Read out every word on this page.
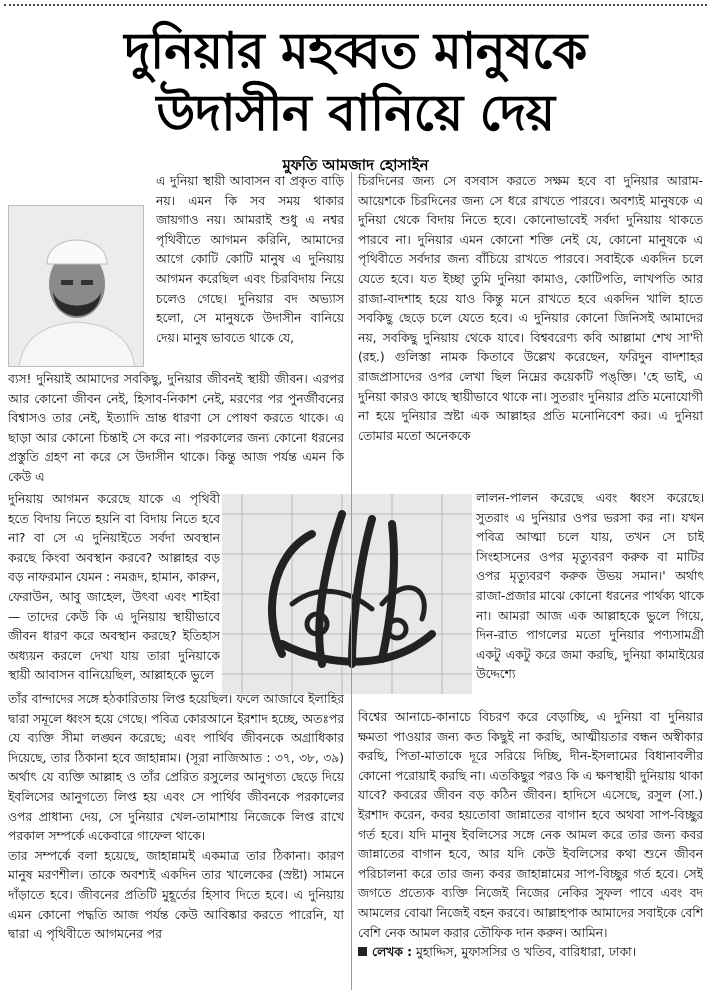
দুনিয়ার মহব্বত মানুষকে
উদাসীন বানিয়ে দেয়
মুফতি আমজাদ হোসাইন

এ দুনিয়া স্থায়ী আবাসন বা প্রকৃত বাড়ি নয়। এমন কি সব সময় থাকার জায়গাও নয়। আমরাই শুধু এ নশ্বর পৃথিবীতে আগমন করিনি, আমাদের আগে কোটি কোটি মানুষ এ দুনিয়ায় আগমন করেছিল এবং চিরবিদায় নিয়ে চলেও গেছে। দুনিয়ার বদ অভ্যাস হলো, সে মানুষকে উদাসীন বানিয়ে দেয়। মানুষ ভাবতে থাকে যে,

ব্যস! দুনিয়াই আমাদের সবকিছু, দুনিয়ার জীবনই স্থায়ী জীবন। এরপর আর কোনো জীবন নেই, হিসাব-নিকাশ নেই, মরণের পর পুনর্জীবনের বিশ্বাসও তার নেই, ইত্যাদি ভ্রান্ত ধারণা সে পোষণ করতে থাকে। এ ছাড়া আর কোনো চিন্তাই সে করে না। পরকালের জন্য কোনো ধরনের প্রস্তুতি গ্রহণ না করে সে উদাসীন থাকে। কিন্তু আজ পর্যন্ত এমন কি কেউ এ

দুনিয়ায় আগমন করেছে যাকে এ পৃথিবী হতে বিদায় নিতে হয়নি বা বিদায় নিতে হবে না? বা সে এ দুনিয়াইতে সর্বদা অবস্থান করছে কিংবা অবস্থান করবে? আল্লাহর বড় বড় নাফরমান যেমন : নমরূদ, হামান, কারুন, ফেরাউন, আবু জাহেল, উৎবা এবং শাইবা— তাদের কেউ কি এ দুনিয়ায় স্থায়ীভাবে জীবন ধারণ করে অবস্থান করছে? ইতিহাস অধ্যয়ন করলে দেখা যায় তারা দুনিয়াকে স্থায়ী আবাসন বানিয়েছিল, আল্লাহকে ভুলে

তাঁর বান্দাদের সঙ্গে হঠকারিতায় লিপ্ত হয়েছিল। ফলে আজাবে ইলাহির দ্বারা সমূলে ধ্বংস হয়ে গেছে। পবিত্র কোরআনে ইরশাদ হচ্ছে, অতঃপর যে ব্যক্তি সীমা লঙ্ঘন করেছে; এবং পার্থিব জীবনকে অগ্রাধিকার দিয়েছে, তার ঠিকানা হবে জাহান্নাম। (সূরা নাজিআত : ৩৭, ৩৮, ৩৯) অর্থাৎ যে ব্যক্তি আল্লাহ ও তাঁর প্রেরিত রসুলের আনুগত্য ছেড়ে দিয়ে ইবলিসের আনুগত্যে লিপ্ত হয় এবং সে পার্থিব জীবনকে পরকালের ওপর প্রাধান্য দেয়, সে দুনিয়ার খেল-তামাশায় নিজেকে লিপ্ত রাখে পরকাল সম্পর্কে একেবারে গাফেল থাকে।

তার সম্পর্কে বলা হয়েছে, জাহান্নামই একমাত্র তার ঠিকানা। কারণ মানুষ মরণশীল। তাকে অবশ্যই একদিন তার খালেকের (স্রষ্টা) সামনে দাঁড়াতে হবে। জীবনের প্রতিটি মুহূর্তের হিসাব দিতে হবে। এ দুনিয়ায় এমন কোনো পদ্ধতি আজ পর্যন্ত কেউ আবিষ্কার করতে পারেনি, যা দ্বারা এ পৃথিবীতে আগমনের পর

চিরদিনের জন্য সে বসবাস করতে সক্ষম হবে বা দুনিয়ার আরাম-আয়েশকে চিরদিনের জন্য সে ধরে রাখতে পারবে। অবশ্যই মানুষকে এ দুনিয়া থেকে বিদায় নিতে হবে। কোনোভাবেই সর্বদা দুনিয়ায় থাকতে পারবে না। দুনিয়ার এমন কোনো শক্তি নেই যে, কোনো মানুষকে এ পৃথিবীতে সর্বদার জন্য বাঁচিয়ে রাখতে পারবে। সবাইকে একদিন চলে যেতে হবে। যত ইচ্ছা তুমি দুনিয়া কামাও, কোটিপতি, লাখপতি আর রাজা-বাদশাহ হয়ে যাও কিন্তু মনে রাখতে হবে একদিন খালি হাতে সবকিছু ছেড়ে চলে যেতে হবে। এ দুনিয়ার কোনো জিনিসই আমাদের নয়, সবকিছু দুনিয়ায় থেকে যাবে। বিশ্ববরেণ্য কবি আল্লামা শেখ সা'দী (রহ.) গুলিস্তা নামক কিতাবে উল্লেখ করেছেন, ফরিদুন বাদশাহর রাজপ্রাসাদের ওপর লেখা ছিল নিম্নের কয়েকটি পঙ্‌ক্তি। 'হে ভাই, এ দুনিয়া কারও কাছে স্থায়ীভাবে থাকে না। সুতরাং দুনিয়ার প্রতি মনোযোগী না হয়ে দুনিয়ার স্রষ্টা এক আল্লাহর প্রতি মনোনিবেশ কর। এ দুনিয়া তোমার মতো অনেককে

লালন-পালন করেছে এবং ধ্বংস করেছে। সুতরাং এ দুনিয়ার ওপর ভরসা কর না। যখন পবিত্র আত্মা চলে যায়, তখন সে চাই সিংহাসনের ওপর মৃত্যুবরণ করুক বা মাটির ওপর মৃত্যুবরণ করুক উভয় সমান।' অর্থাৎ রাজা-প্রজার মাঝে কোনো ধরনের পার্থক্য থাকে না। আমরা আজ এক আল্লাহকে ভুলে গিয়ে, দিন-রাত পাগলের মতো দুনিয়ার পণ্যসামগ্রী একটু একটু করে জমা করছি, দুনিয়া কামাইয়ের উদ্দেশ্যে

বিশ্বের আনাচে-কানাচে বিচরণ করে বেড়াচ্ছি, এ দুনিয়া বা দুনিয়ার ক্ষমতা পাওয়ার জন্য কত কিছুই না করছি, আত্মীয়তার বন্ধন অস্বীকার করছি, পিতা-মাতাকে দূরে সরিয়ে দিচ্ছি, দীন-ইসলামের বিধানাবলীর কোনো পরোয়াই করছি না। এতকিছুর পরও কি এ ক্ষণস্থায়ী দুনিয়ায় থাকা যাবে? কবরের জীবন বড় কঠিন জীবন। হাদিসে এসেছে, রসুল (সা.) ইরশাদ করেন, কবর হয়তোবা জান্নাতের বাগান হবে অথবা সাপ-বিচ্ছুর গর্ত হবে। যদি মানুষ ইবলিসের সঙ্গে নেক আমল করে তার জন্য কবর জান্নাতের বাগান হবে, আর যদি কেউ ইবলিসের কথা শুনে জীবন পরিচালনা করে তার জন্য কবর জাহান্নামের সাপ-বিচ্ছুর গর্ত হবে। সেই জগতে প্রত্যেক ব্যক্তি নিজেই নিজের নেকির সুফল পাবে এবং বদ আমলের বোঝা নিজেই বহন করবে। আল্লাহপাক আমাদের সবাইকে বেশি বেশি নেক আমল করার তৌফিক দান করুন। আমিন।

লেখক : মুহাদ্দিস, মুফাসসির ও খতিব, বারিধারা, ঢাকা।
